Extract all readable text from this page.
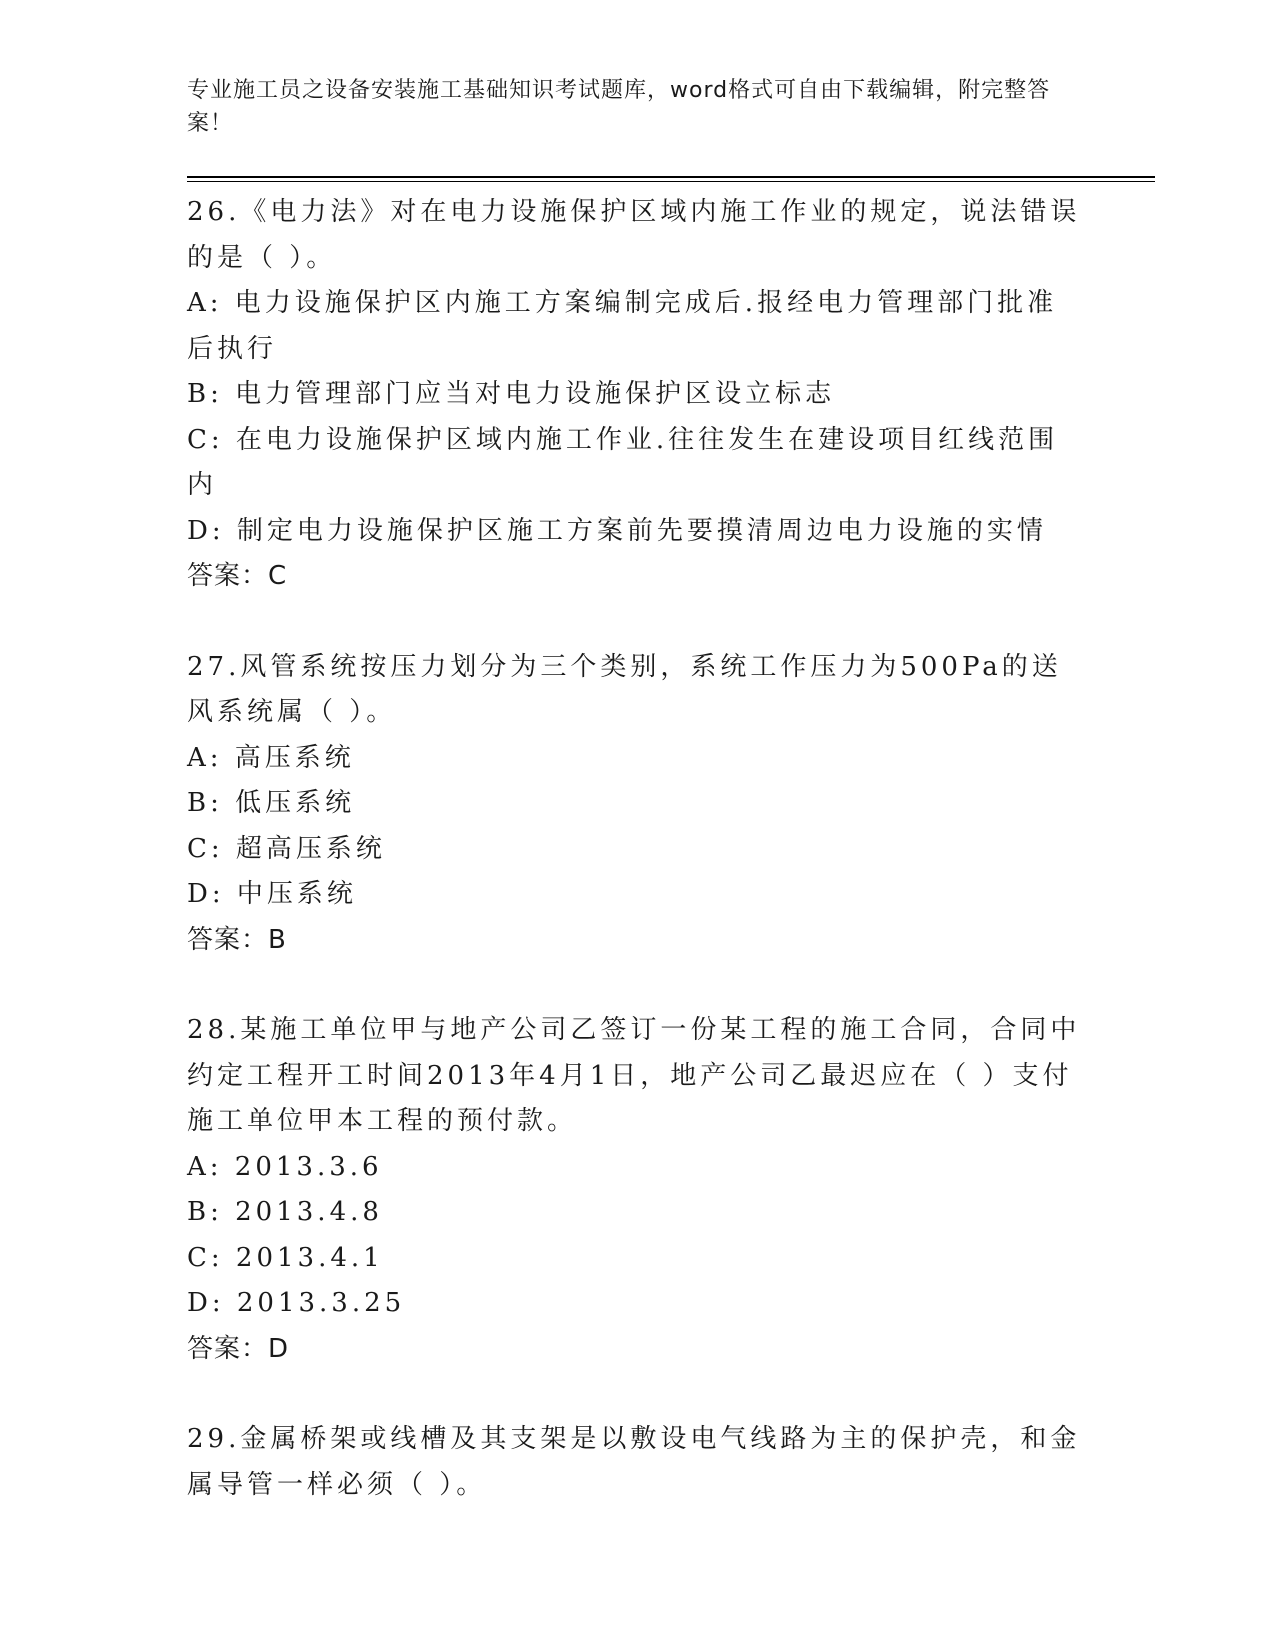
专业施工员之设备安装施工基础知识考试题库，word格式可自由下载编辑，附完整答案！

26.《电力法》对在电力设施保护区域内施工作业的规定，说法错误的是（ ）。

A: 电力设施保护区内施工方案编制完成后.报经电力管理部门批准后执行

B: 电力管理部门应当对电力设施保护区设立标志

C: 在电力设施保护区域内施工作业.往往发生在建设项目红线范围内

D: 制定电力设施保护区施工方案前先要摸清周边电力设施的实情

答案：C

27.风管系统按压力划分为三个类别，系统工作压力为500Pa的送风系统属（ ）。

A: 高压系统

B: 低压系统

C: 超高压系统

D: 中压系统

答案：B

28.某施工单位甲与地产公司乙签订一份某工程的施工合同，合同中约定工程开工时间2013年4月1日，地产公司乙最迟应在（ ）支付施工单位甲本工程的预付款。

A: 2013.3.6

B: 2013.4.8

C: 2013.4.1

D: 2013.3.25

答案：D

29.金属桥架或线槽及其支架是以敷设电气线路为主的保护壳，和金属导管一样必须（ ）。
